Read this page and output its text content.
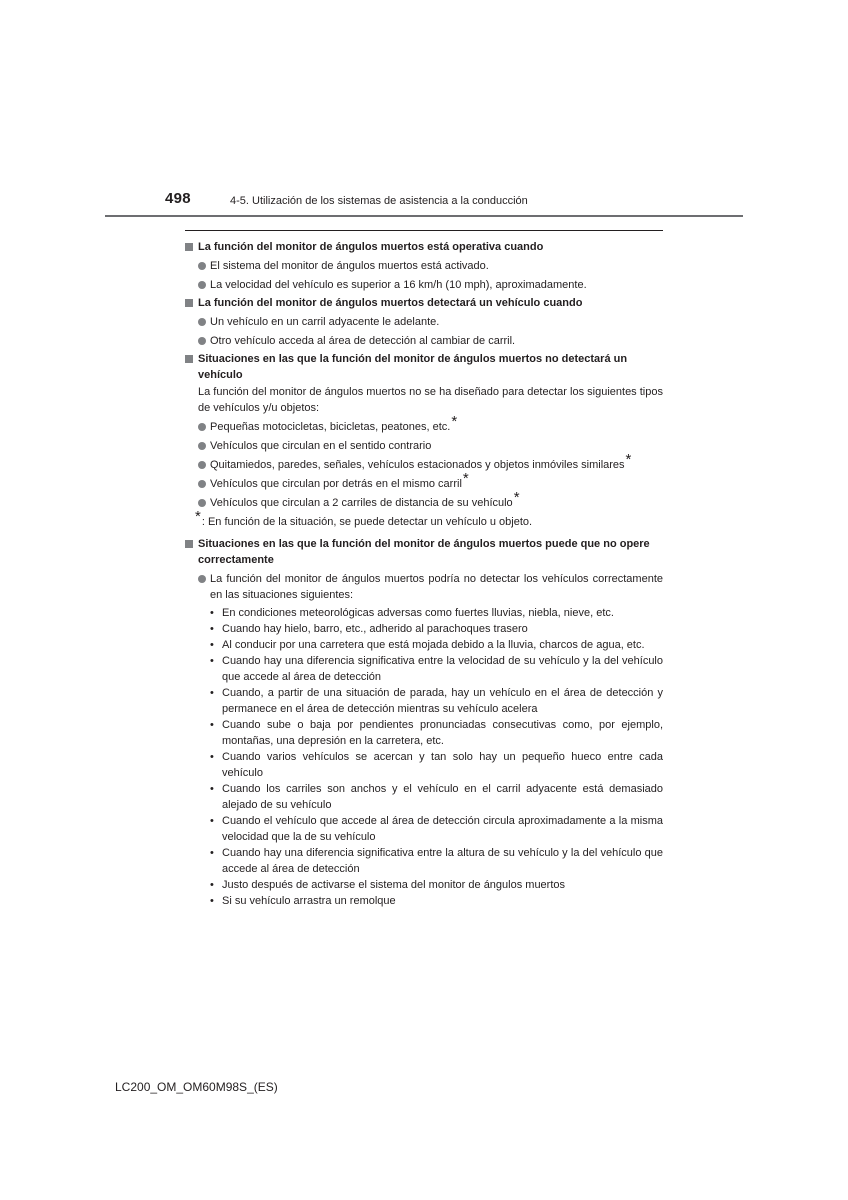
498	4-5. Utilización de los sistemas de asistencia a la conducción
La función del monitor de ángulos muertos está operativa cuando
El sistema del monitor de ángulos muertos está activado.
La velocidad del vehículo es superior a 16 km/h (10 mph), aproximadamente.
La función del monitor de ángulos muertos detectará un vehículo cuando
Un vehículo en un carril adyacente le adelante.
Otro vehículo acceda al área de detección al cambiar de carril.
Situaciones en las que la función del monitor de ángulos muertos no detectará un vehículo
La función del monitor de ángulos muertos no se ha diseñado para detectar los siguientes tipos de vehículos y/u objetos:
Pequeñas motocicletas, bicicletas, peatones, etc.*
Vehículos que circulan en el sentido contrario
Quitamiedos, paredes, señales, vehículos estacionados y objetos inmóviles similares*
Vehículos que circulan por detrás en el mismo carril*
Vehículos que circulan a 2 carriles de distancia de su vehículo*
*: En función de la situación, se puede detectar un vehículo u objeto.
Situaciones en las que la función del monitor de ángulos muertos puede que no opere correctamente
La función del monitor de ángulos muertos podría no detectar los vehículos correctamente en las situaciones siguientes:
• En condiciones meteorológicas adversas como fuertes lluvias, niebla, nieve, etc.
• Cuando hay hielo, barro, etc., adherido al parachoques trasero
• Al conducir por una carretera que está mojada debido a la lluvia, charcos de agua, etc.
• Cuando hay una diferencia significativa entre la velocidad de su vehículo y la del vehículo que accede al área de detección
• Cuando, a partir de una situación de parada, hay un vehículo en el área de detección y permanece en el área de detección mientras su vehículo acelera
• Cuando sube o baja por pendientes pronunciadas consecutivas como, por ejemplo, montañas, una depresión en la carretera, etc.
• Cuando varios vehículos se acercan y tan solo hay un pequeño hueco entre cada vehículo
• Cuando los carriles son anchos y el vehículo en el carril adyacente está demasiado alejado de su vehículo
• Cuando el vehículo que accede al área de detección circula aproximadamente a la misma velocidad que la de su vehículo
• Cuando hay una diferencia significativa entre la altura de su vehículo y la del vehículo que accede al área de detección
• Justo después de activarse el sistema del monitor de ángulos muertos
• Si su vehículo arrastra un remolque
LC200_OM_OM60M98S_(ES)
